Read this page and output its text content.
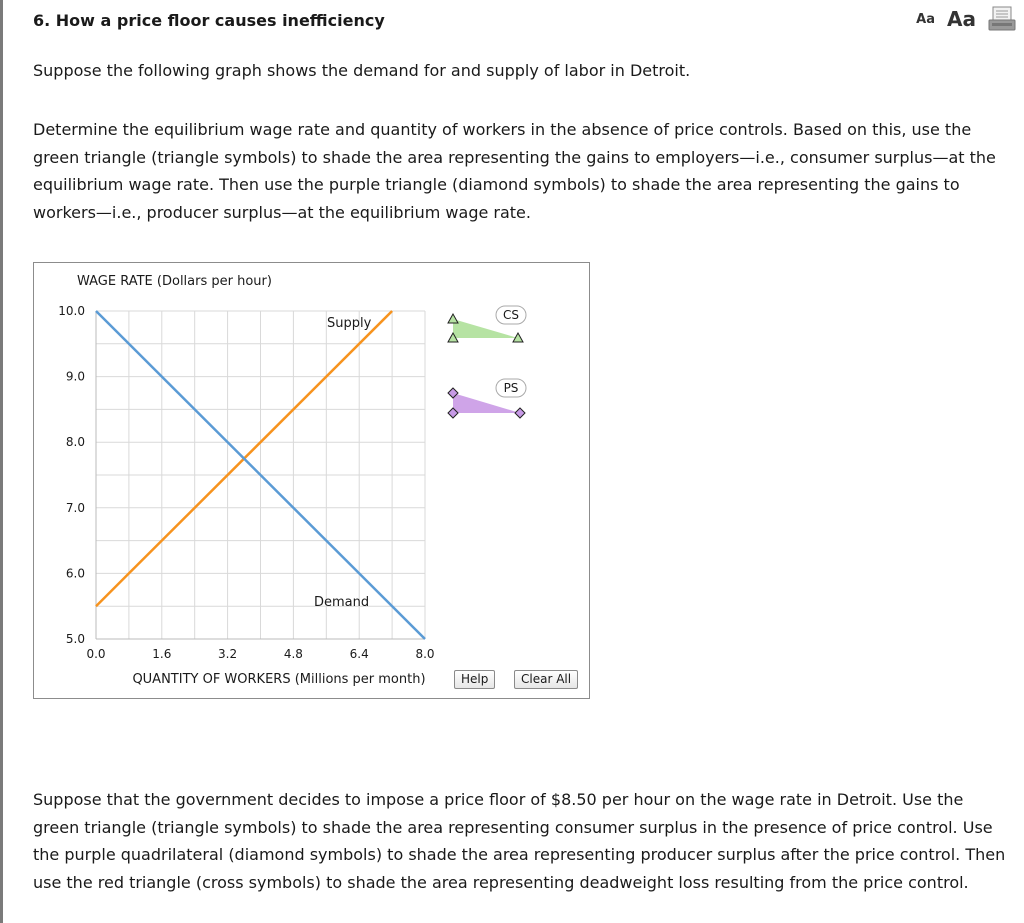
6. How a price floor causes inefficiency	Aa Aa

Suppose the following graph shows the demand for and supply of labor in Detroit.

Determine the equilibrium wage rate and quantity of workers in the absence of price controls. Based on this, use the green triangle (triangle symbols) to shade the area representing the gains to employers—i.e., consumer surplus—at the equilibrium wage rate. Then use the purple triangle (diamond symbols) to shade the area representing the gains to workers—i.e., producer surplus—at the equilibrium wage rate.

WAGE RATE (Dollars per hour)
QUANTITY OF WORKERS (Millions per month)
5.0
6.0
7.0
8.0
9.0
10.0
0.0	1.6	3.2	4.8	6.4	8.0
Supply
Demand
CS
PS
Help	Clear All

Suppose that the government decides to impose a price floor of $8.50 per hour on the wage rate in Detroit. Use the green triangle (triangle symbols) to shade the area representing consumer surplus in the presence of price control. Use the purple quadrilateral (diamond symbols) to shade the area representing producer surplus after the price control. Then use the red triangle (cross symbols) to shade the area representing deadweight loss resulting from the price control.
